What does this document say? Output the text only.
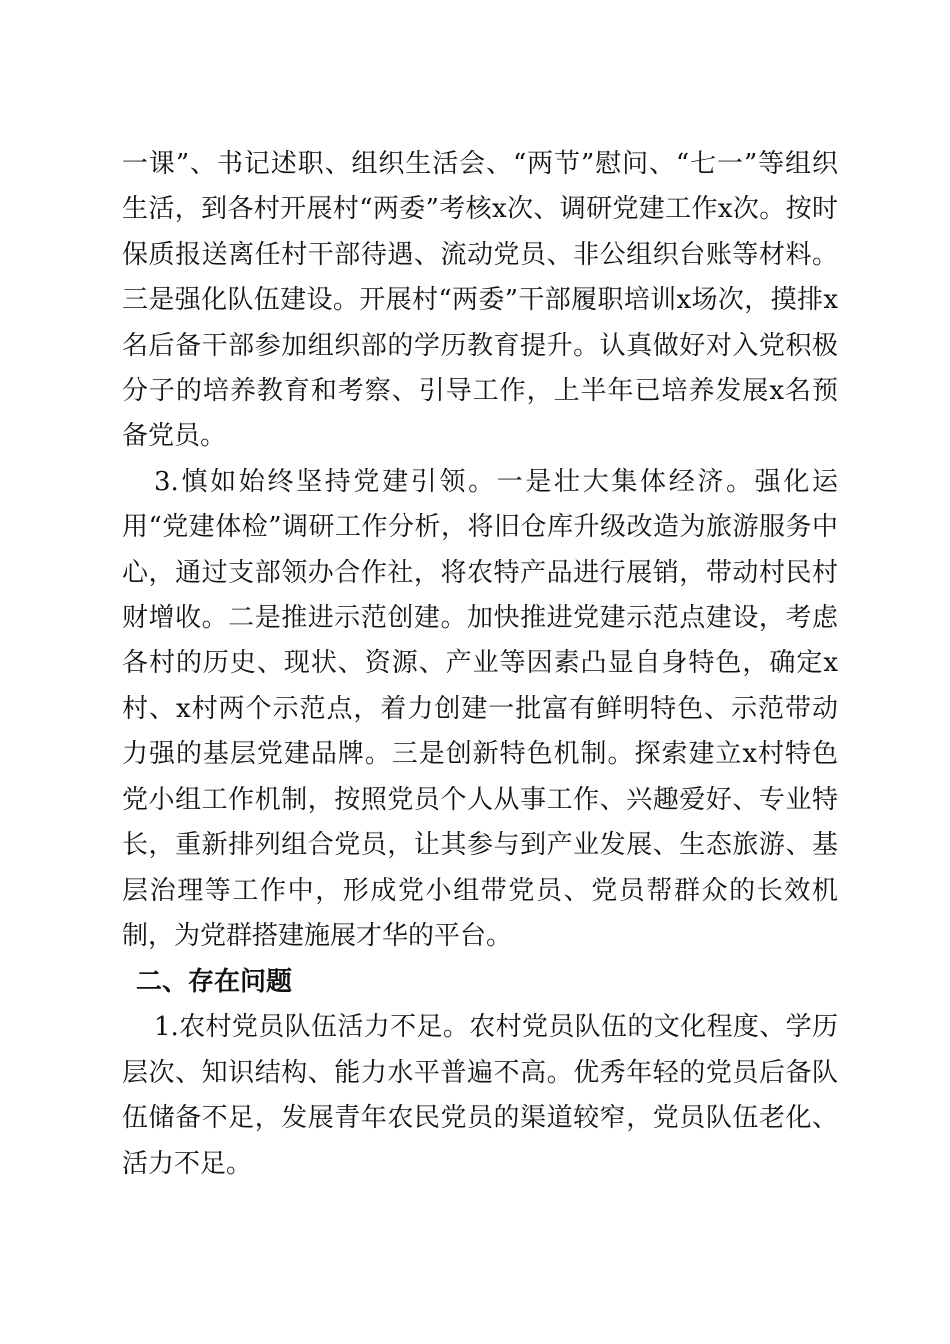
一课”、书记述职、组织生活会、“两节”慰问、“七一”等组织生活，到各村开展村“两委”考核x次、调研党建工作x次。按时保质报送离任村干部待遇、流动党员、非公组织台账等材料。三是强化队伍建设。开展村“两委”干部履职培训x场次，摸排x名后备干部参加组织部的学历教育提升。认真做好对入党积极分子的培养教育和考察、引导工作，上半年已培养发展x名预备党员。

3.慎如始终坚持党建引领。一是壮大集体经济。强化运用“党建体检”调研工作分析，将旧仓库升级改造为旅游服务中心，通过支部领办合作社，将农特产品进行展销，带动村民村财增收。二是推进示范创建。加快推进党建示范点建设，考虑各村的历史、现状、资源、产业等因素凸显自身特色，确定x村、x村两个示范点，着力创建一批富有鲜明特色、示范带动力强的基层党建品牌。三是创新特色机制。探索建立x村特色党小组工作机制，按照党员个人从事工作、兴趣爱好、专业特长，重新排列组合党员，让其参与到产业发展、生态旅游、基层治理等工作中，形成党小组带党员、党员帮群众的长效机制，为党群搭建施展才华的平台。

二、存在问题

1.农村党员队伍活力不足。农村党员队伍的文化程度、学历层次、知识结构、能力水平普遍不高。优秀年轻的党员后备队伍储备不足，发展青年农民党员的渠道较窄，党员队伍老化、活力不足。
